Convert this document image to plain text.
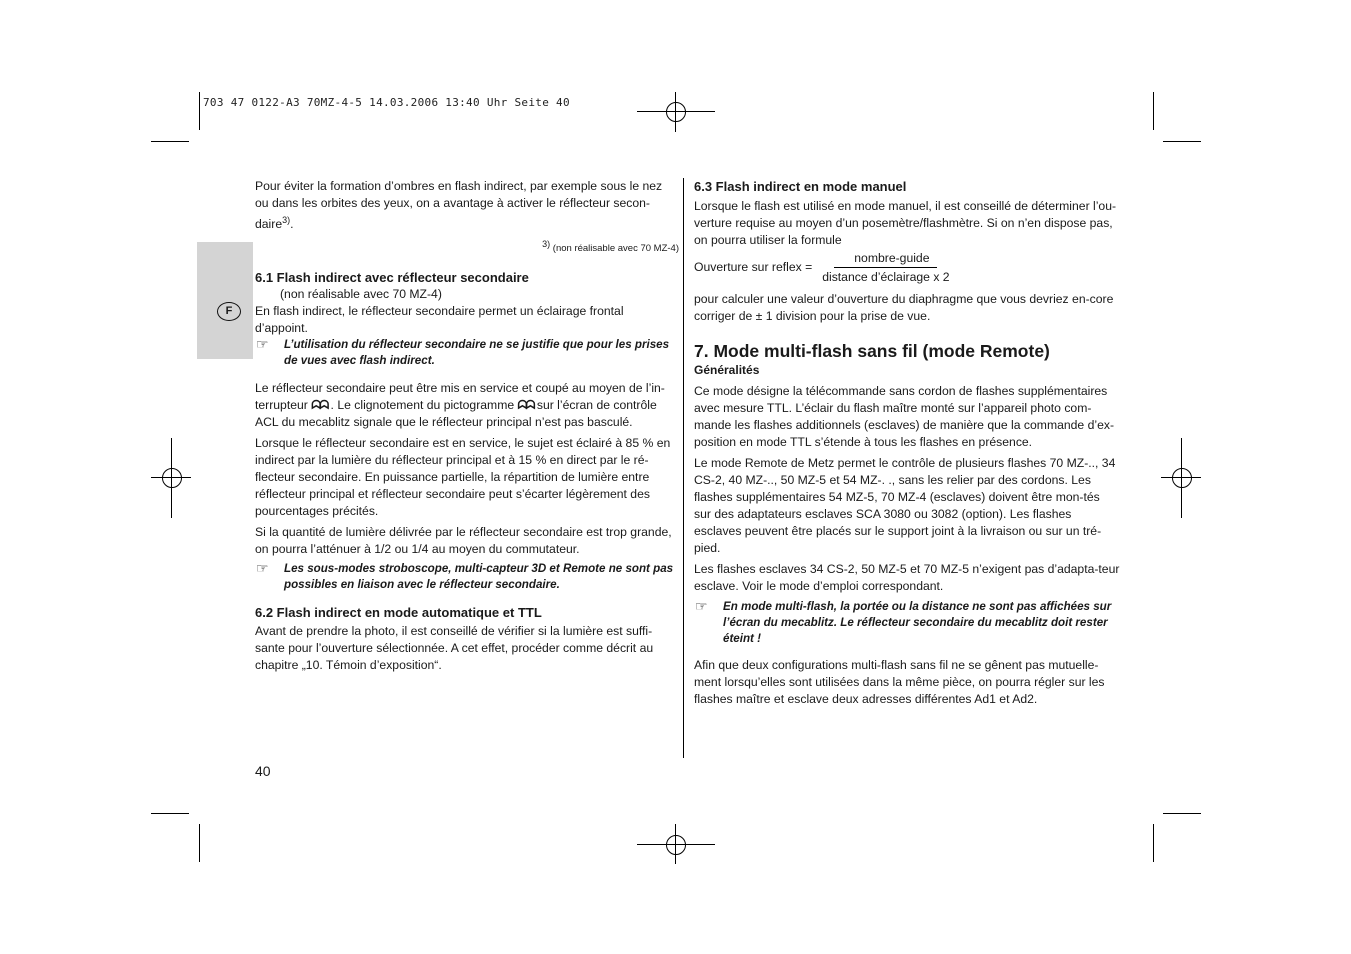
703 47 0122-A3 70MZ-4-5 14.03.2006 13:40 Uhr Seite 40
F

Pour éviter la formation d’ombres en flash indirect, par exemple sous le nez ou dans les orbites des yeux, on a avantage à activer le réflecteur secon-daire$^{3)}$.

$^{3)}$ (non réalisable avec 70 MZ-4)
6.1 Flash indirect avec réflecteur secondaire

(non réalisable avec 70 MZ-4)

En flash indirect, le réflecteur secondaire permet un éclairage frontal d’appoint.

☞	L’utilisation du réflecteur secondaire ne se justifie que pour les prises de vues avec flash indirect.

Le réflecteur secondaire peut être mis en service et coupé au moyen de l’in-terrupteur ᗣᗣ . Le clignotement du pictogramme ᗣᗣ sur l’écran de contrôle ACL du mecablitz signale que le réflecteur principal n’est pas basculé.

Lorsque le réflecteur secondaire est en service, le sujet est éclairé à 85 % en indirect par la lumière du réflecteur principal et à 15 % en direct par le ré-flecteur secondaire. En puissance partielle, la répartition de lumière entre réflecteur principal et réflecteur secondaire peut s’écarter légèrement des pourcentages précités.

Si la quantité de lumière délivrée par le réflecteur secondaire est trop grande, on pourra l’atténuer à 1/2 ou 1/4 au moyen du commutateur.

☞	Les sous-modes stroboscope, multi-capteur 3D et Remote ne sont pas possibles en liaison avec le réflecteur secondaire.
6.2 Flash indirect en mode automatique et TTL

Avant de prendre la photo, il est conseillé de vérifier si la lumière est suffi-sante pour l’ouverture sélectionnée. A cet effet, procéder comme décrit au chapitre „10. Témoin d’exposition“.

6.3 Flash indirect en mode manuel

Lorsque le flash est utilisé en mode manuel, il est conseillé de déterminer l’ou-verture requise au moyen d’un posemètre/flashmètre. Si on n’en dispose pas, on pourra utiliser la formule

Ouverture sur reflex = $\frac{\text{nombre-guide}}{\text{distance d’éclairage x 2}}$

pour calculer une valeur d’ouverture du diaphragme que vous devriez en-core corriger de ± 1 division pour la prise de vue.

7. Mode multi-flash sans fil (mode Remote)

Généralités

Ce mode désigne la télécommande sans cordon de flashes supplémentaires avec mesure TTL. L’éclair du flash maître monté sur l’appareil photo com-mande les flashes additionnels (esclaves) de manière que la commande d’ex-position en mode TTL s’étende à tous les flashes en présence.

Le mode Remote de Metz permet le contrôle de plusieurs flashes 70 MZ-.., 34 CS-2, 40 MZ-.., 50 MZ-5 et 54 MZ-. ., sans les relier par des cordons. Les flashes supplémentaires 54 MZ-5, 70 MZ-4 (esclaves) doivent être mon-tés sur des adaptateurs esclaves SCA 3080 ou 3082 (option). Les flashes esclaves peuvent être placés sur le support joint à la livraison ou sur un tré-pied.

Les flashes esclaves 34 CS-2, 50 MZ-5 et 70 MZ-5 n’exigent pas d’adapta-teur esclave. Voir le mode d’emploi correspondant.

☞	En mode multi-flash, la portée ou la distance ne sont pas affichées sur l’écran du mecablitz. Le réflecteur secondaire du mecablitz doit rester éteint !

Afin que deux configurations multi-flash sans fil ne se gênent pas mutuelle-ment lorsqu’elles sont utilisées dans la même pièce, on pourra régler sur les flashes maître et esclave deux adresses différentes Ad1 et Ad2.

40
